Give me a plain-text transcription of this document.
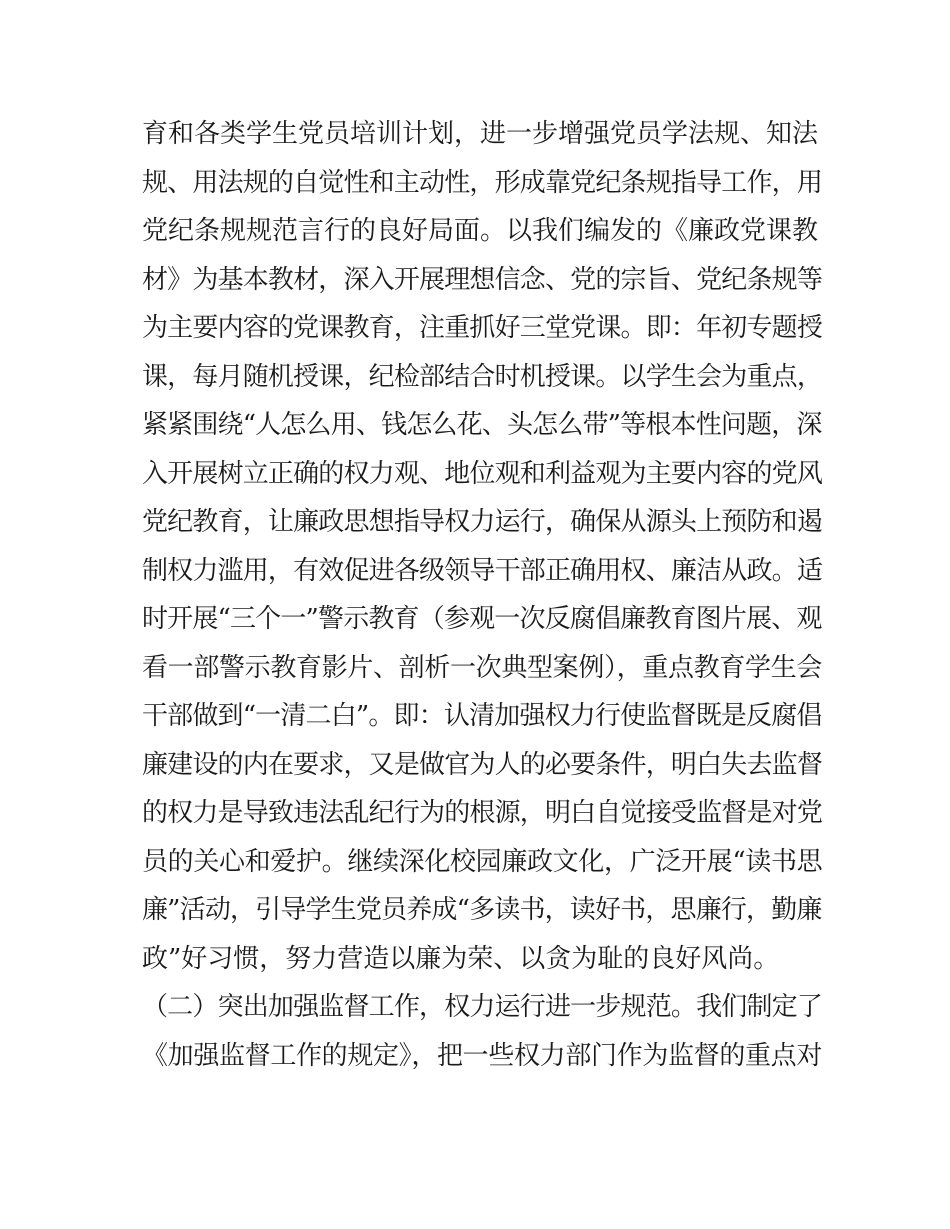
育和各类学生党员培训计划，进一步增强党员学法规、知法
规、用法规的自觉性和主动性，形成靠党纪条规指导工作，用
党纪条规规范言行的良好局面。以我们编发的《廉政党课教
材》为基本教材，深入开展理想信念、党的宗旨、党纪条规等
为主要内容的党课教育，注重抓好三堂党课。即：年初专题授
课，每月随机授课，纪检部结合时机授课。以学生会为重点，
紧紧围绕“人怎么用、钱怎么花、头怎么带”等根本性问题，深
入开展树立正确的权力观、地位观和利益观为主要内容的党风
党纪教育，让廉政思想指导权力运行，确保从源头上预防和遏
制权力滥用，有效促进各级领导干部正确用权、廉洁从政。适
时开展“三个一”警示教育（参观一次反腐倡廉教育图片展、观
看一部警示教育影片、剖析一次典型案例），重点教育学生会
干部做到“一清二白”。即：认清加强权力行使监督既是反腐倡
廉建设的内在要求，又是做官为人的必要条件，明白失去监督
的权力是导致违法乱纪行为的根源，明白自觉接受监督是对党
员的关心和爱护。继续深化校园廉政文化，广泛开展“读书思
廉”活动，引导学生党员养成“多读书，读好书，思廉行，勤廉
政”好习惯，努力营造以廉为荣、以贪为耻的良好风尚。
（二）突出加强监督工作，权力运行进一步规范。我们制定了
《加强监督工作的规定》，把一些权力部门作为监督的重点对
